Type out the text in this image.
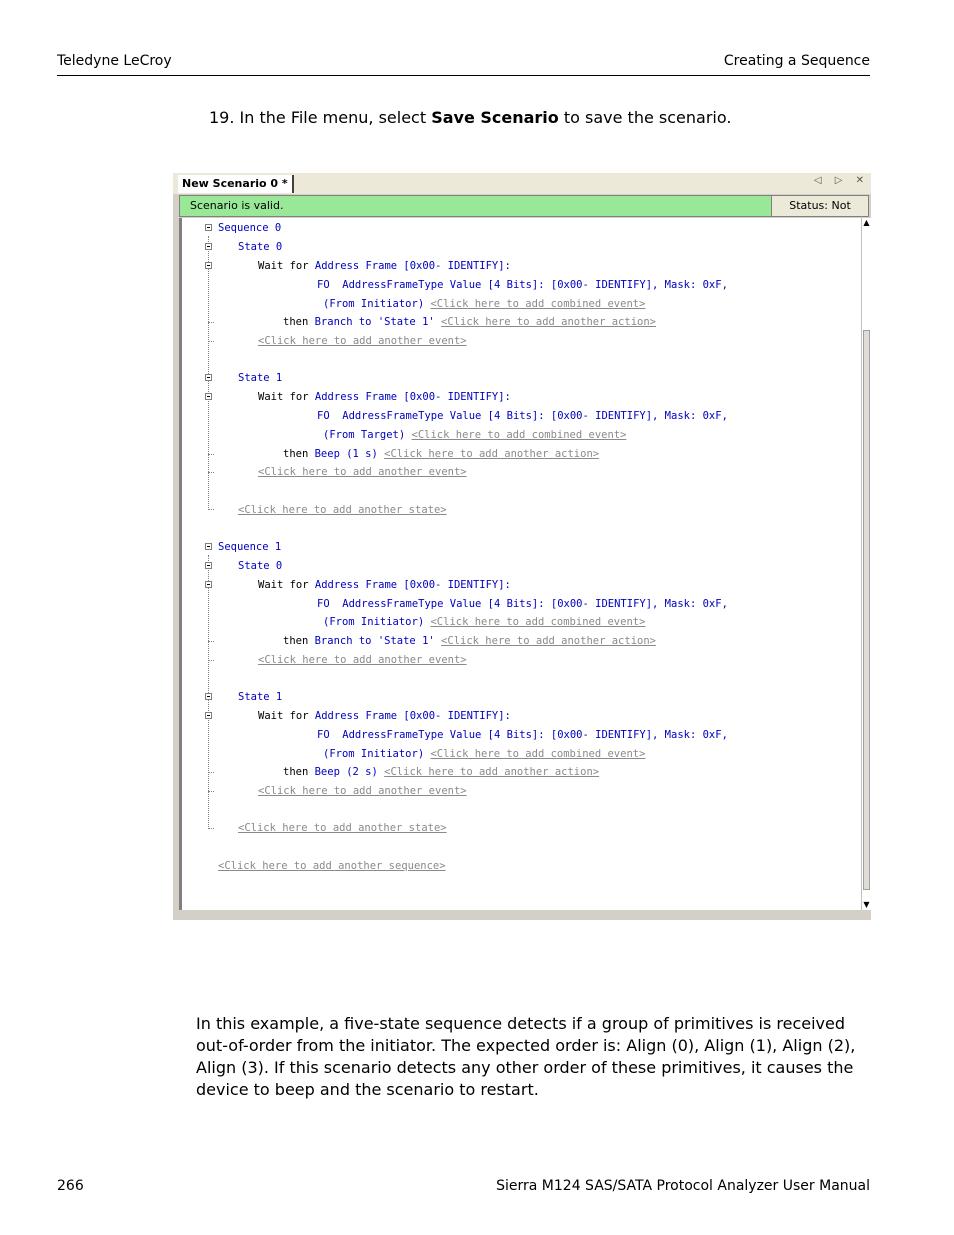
Teledyne LeCroy	Creating a Sequence
19. In the File menu, select Save Scenario to save the scenario.
New Scenario 0 *	◁ ▷ ✕
Scenario is valid.	Status: Not
Sequence 0
State 0
Wait for Address Frame [0x00- IDENTIFY]:
FO  AddressFrameType Value [4 Bits]: [0x00- IDENTIFY], Mask: 0xF,
(From Initiator) <Click here to add combined event>
then Branch to 'State 1' <Click here to add another action>
<Click here to add another event>
State 1
Wait for Address Frame [0x00- IDENTIFY]:
FO  AddressFrameType Value [4 Bits]: [0x00- IDENTIFY], Mask: 0xF,
(From Target) <Click here to add combined event>
then Beep (1 s) <Click here to add another action>
<Click here to add another event>
<Click here to add another state>
Sequence 1
State 0
Wait for Address Frame [0x00- IDENTIFY]:
FO  AddressFrameType Value [4 Bits]: [0x00- IDENTIFY], Mask: 0xF,
(From Initiator) <Click here to add combined event>
then Branch to 'State 1' <Click here to add another action>
<Click here to add another event>
State 1
Wait for Address Frame [0x00- IDENTIFY]:
FO  AddressFrameType Value [4 Bits]: [0x00- IDENTIFY], Mask: 0xF,
(From Initiator) <Click here to add combined event>
then Beep (2 s) <Click here to add another action>
<Click here to add another event>
<Click here to add another state>
<Click here to add another sequence>
▲
▼

In this example, a five-state sequence detects if a group of primitives is received out-of-order from the initiator. The expected order is: Align (0), Align (1), Align (2), Align (3). If this scenario detects any other order of these primitives, it causes the device to beep and the scenario to restart.

266	Sierra M124 SAS/SATA Protocol Analyzer User Manual
